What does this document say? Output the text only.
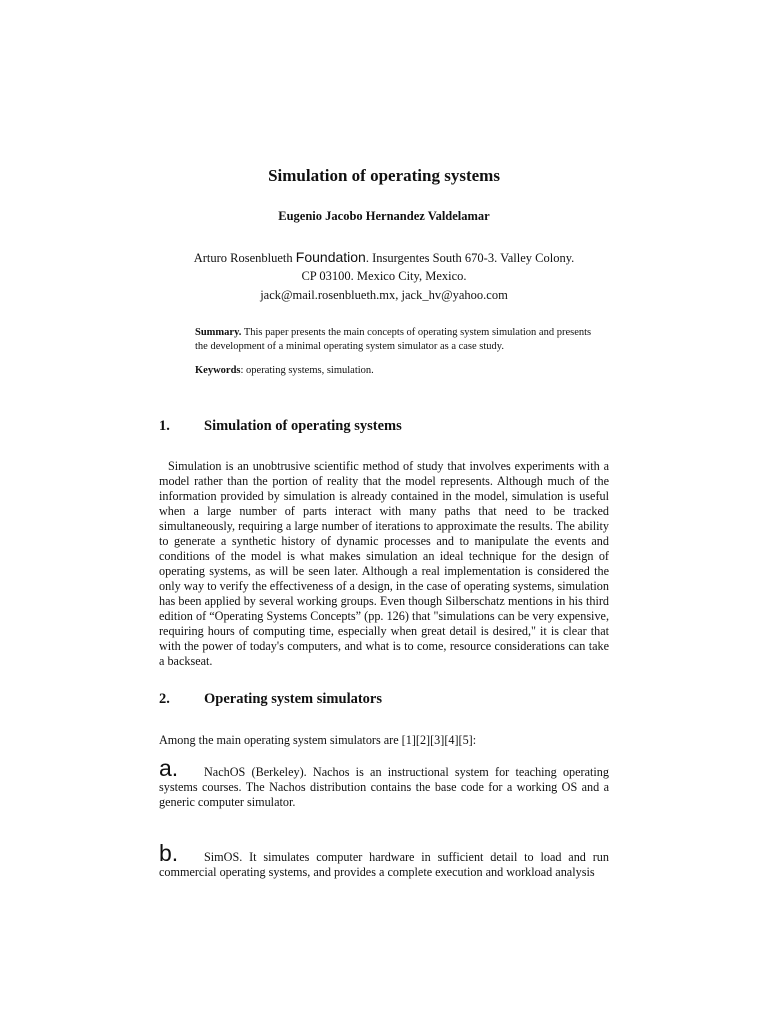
Simulation of operating systems
Eugenio Jacobo Hernandez Valdelamar
Arturo Rosenblueth Foundation. Insurgentes South 670-3. Valley Colony.
CP 03100. Mexico City, Mexico.
jack@mail.rosenblueth.mx, jack_hv@yahoo.com
Summary. This paper presents the main concepts of operating system simulation and presents the development of a minimal operating system simulator as a case study.
Keywords: operating systems, simulation.
1. Simulation of operating systems
Simulation is an unobtrusive scientific method of study that involves experiments with a model rather than the portion of reality that the model represents. Although much of the information provided by simulation is already contained in the model, simulation is useful when a large number of parts interact with many paths that need to be tracked simultaneously, requiring a large number of iterations to approximate the results. The ability to generate a synthetic history of dynamic processes and to manipulate the events and conditions of the model is what makes simulation an ideal technique for the design of operating systems, as will be seen later. Although a real implementation is considered the only way to verify the effectiveness of a design, in the case of operating systems, simulation has been applied by several working groups. Even though Silberschatz mentions in his third edition of “Operating Systems Concepts” (pp. 126) that "simulations can be very expensive, requiring hours of computing time, especially when great detail is desired," it is clear that with the power of today's computers, and what is to come, resource considerations can take a backseat.
2. Operating system simulators
Among the main operating system simulators are [1][2][3][4][5]:
a. NachOS (Berkeley). Nachos is an instructional system for teaching operating systems courses. The Nachos distribution contains the base code for a working OS and a generic computer simulator.
b. SimOS. It simulates computer hardware in sufficient detail to load and run commercial operating systems, and provides a complete execution and workload analysis
